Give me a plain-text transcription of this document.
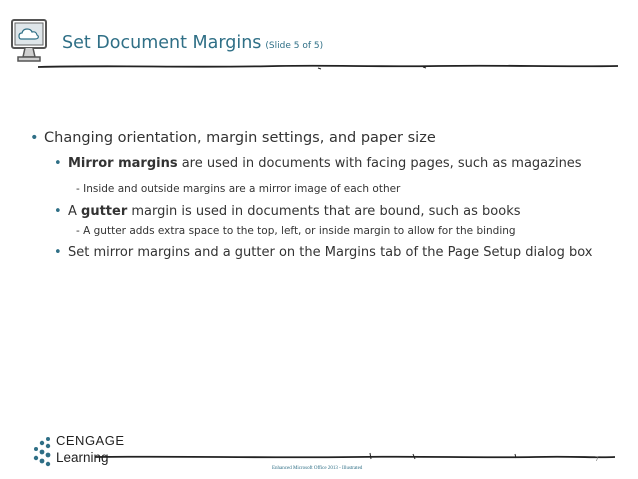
Set Document Margins (Slide 5 of 5)
• Changing orientation, margin settings, and paper size
• Mirror margins are used in documents with facing pages, such as magazines
- Inside and outside margins are a mirror image of each other
• A gutter margin is used in documents that are bound, such as books
- A gutter adds extra space to the top, left, or inside margin to allow for the binding
• Set mirror margins and a gutter on the Margins tab of the Page Setup dialog box
CENGAGE
Learning
Enhanced Microsoft Office 2013 - Illustrated
7
